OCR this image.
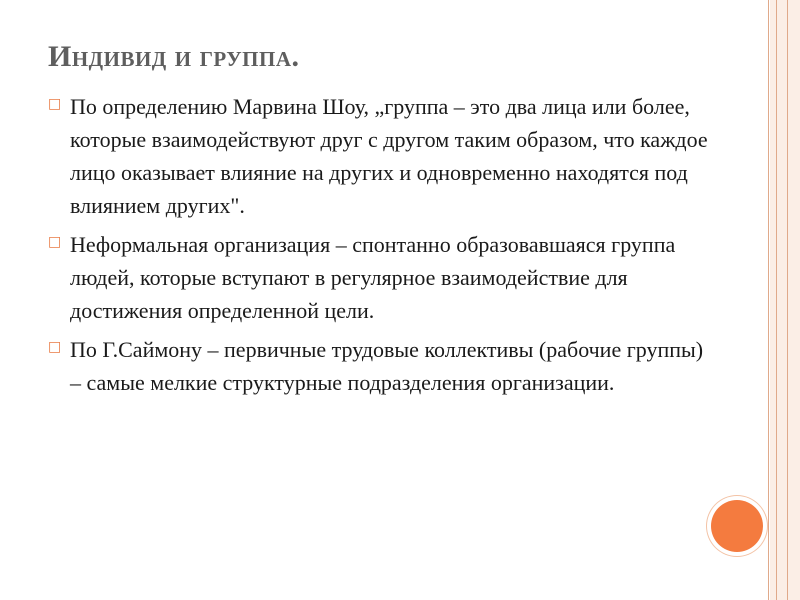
Индивид и группа.
□ По определению Марвина Шоу, „группа – это два лица или более, которые взаимодействуют друг с другом таким образом, что каждое лицо оказывает влияние на других и одновременно находятся под влиянием других".
□ Неформальная организация – спонтанно образовавшаяся группа людей, которые вступают в регулярное взаимодействие для достижения определенной цели.
□ По Г.Саймону – первичные трудовые коллективы (рабочие группы) – самые мелкие структурные подразделения организации.
